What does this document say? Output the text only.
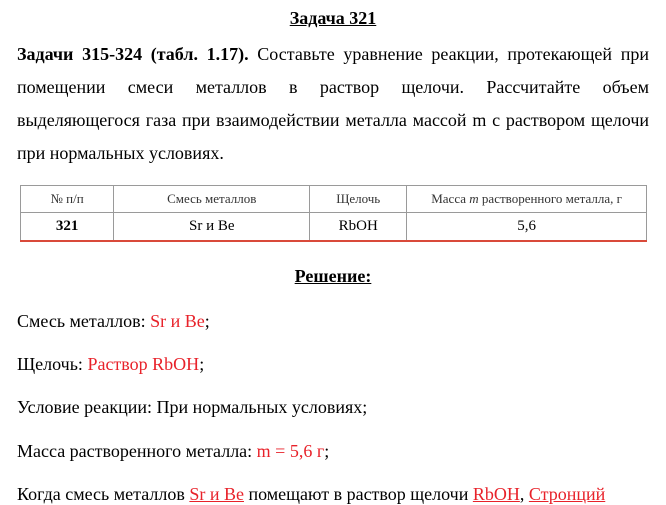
Задача 321
Задачи 315-324 (табл. 1.17). Составьте уравнение реакции, протекающей при помещении смеси металлов в раствор щелочи. Рассчитайте объем выделяющегося газа при взаимодействии металла массой m с раствором щелочи при нормальных условиях.
№ п/п	Смесь металлов	Щелочь	Масса m растворенного металла, г
321	Sr и Be	RbOH	5,6
Решение:
Смесь металлов: Sr и Be;
Щелочь: Раствор RbOH;
Условие реакции: При нормальных условиях;
Масса растворенного металла: m = 5,6 г;
Когда смесь металлов Sr и Be помещают в раствор щелочи RbOH, Стронций
